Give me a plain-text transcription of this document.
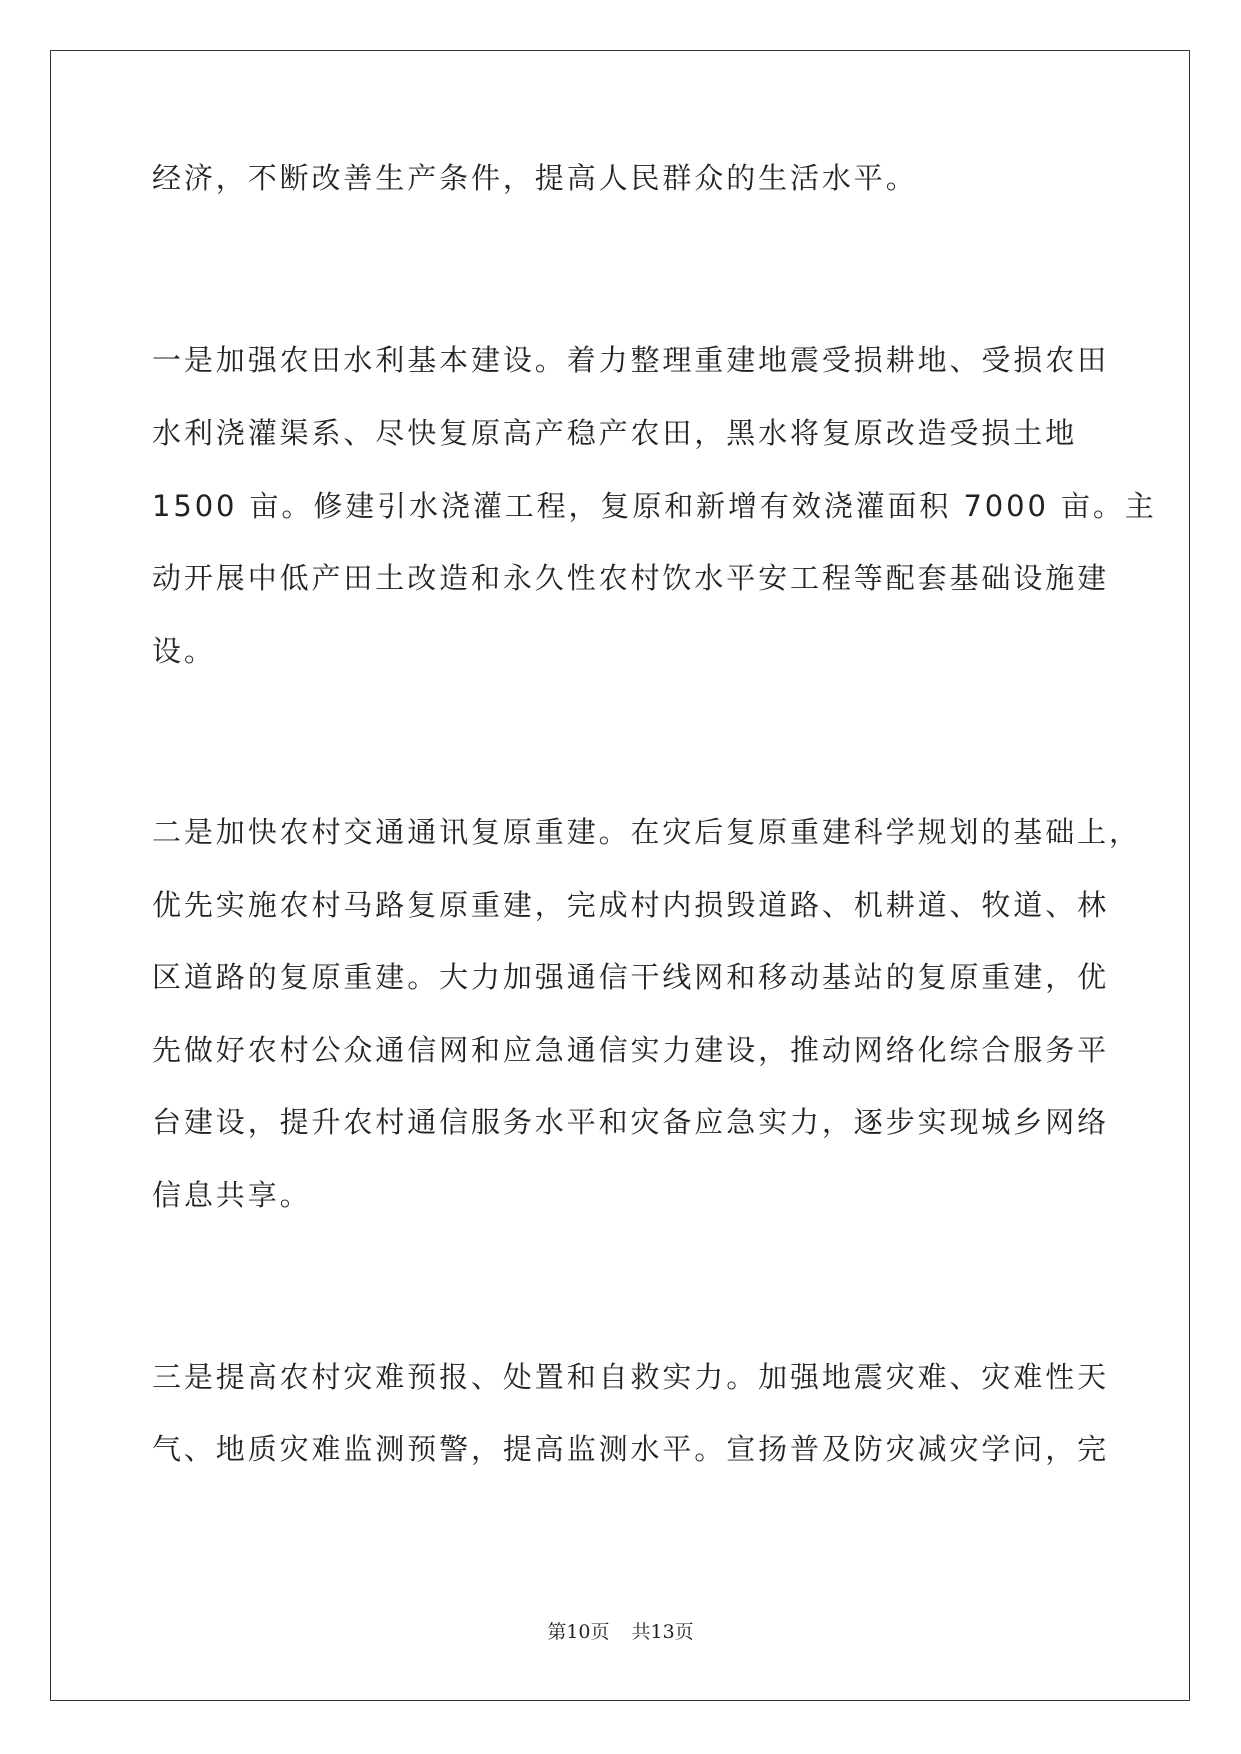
经济，不断改善生产条件，提高人民群众的生活水平。
一是加强农田水利基本建设。着力整理重建地震受损耕地、受损农田
水利浇灌渠系、尽快复原高产稳产农田，黑水将复原改造受损土地
1500 亩。修建引水浇灌工程，复原和新增有效浇灌面积 7000 亩。主
动开展中低产田土改造和永久性农村饮水平安工程等配套基础设施建
设。
二是加快农村交通通讯复原重建。在灾后复原重建科学规划的基础上，
优先实施农村马路复原重建，完成村内损毁道路、机耕道、牧道、林
区道路的复原重建。大力加强通信干线网和移动基站的复原重建，优
先做好农村公众通信网和应急通信实力建设，推动网络化综合服务平
台建设，提升农村通信服务水平和灾备应急实力，逐步实现城乡网络
信息共享。
三是提高农村灾难预报、处置和自救实力。加强地震灾难、灾难性天
气、地质灾难监测预警，提高监测水平。宣扬普及防灾减灾学问，完
第10页 共13页
